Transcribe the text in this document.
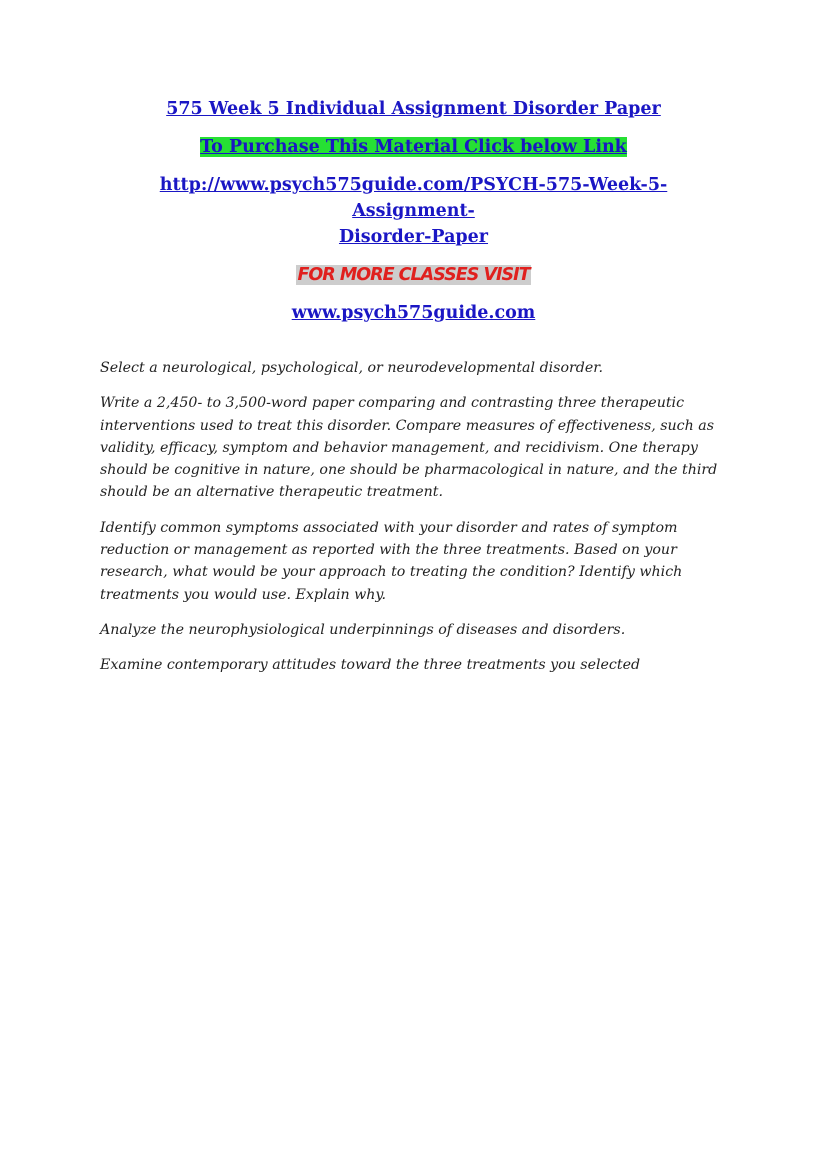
575 Week 5 Individual Assignment Disorder Paper
To Purchase This Material Click below Link
http://www.psych575guide.com/PSYCH-575-Week-5-Assignment-
Disorder-Paper
FOR MORE CLASSES VISIT
www.psych575guide.com

Select a neurological, psychological, or neurodevelopmental disorder.

Write a 2,450- to 3,500-word paper comparing and contrasting three therapeutic interventions used to treat this disorder. Compare measures of effectiveness, such as validity, efficacy, symptom and behavior management, and recidivism. One therapy should be cognitive in nature, one should be pharmacological in nature, and the third should be an alternative therapeutic treatment.

Identify common symptoms associated with your disorder and rates of symptom reduction or management as reported with the three treatments. Based on your research, what would be your approach to treating the condition? Identify which treatments you would use. Explain why.

Analyze the neurophysiological underpinnings of diseases and disorders.

Examine contemporary attitudes toward the three treatments you selected
